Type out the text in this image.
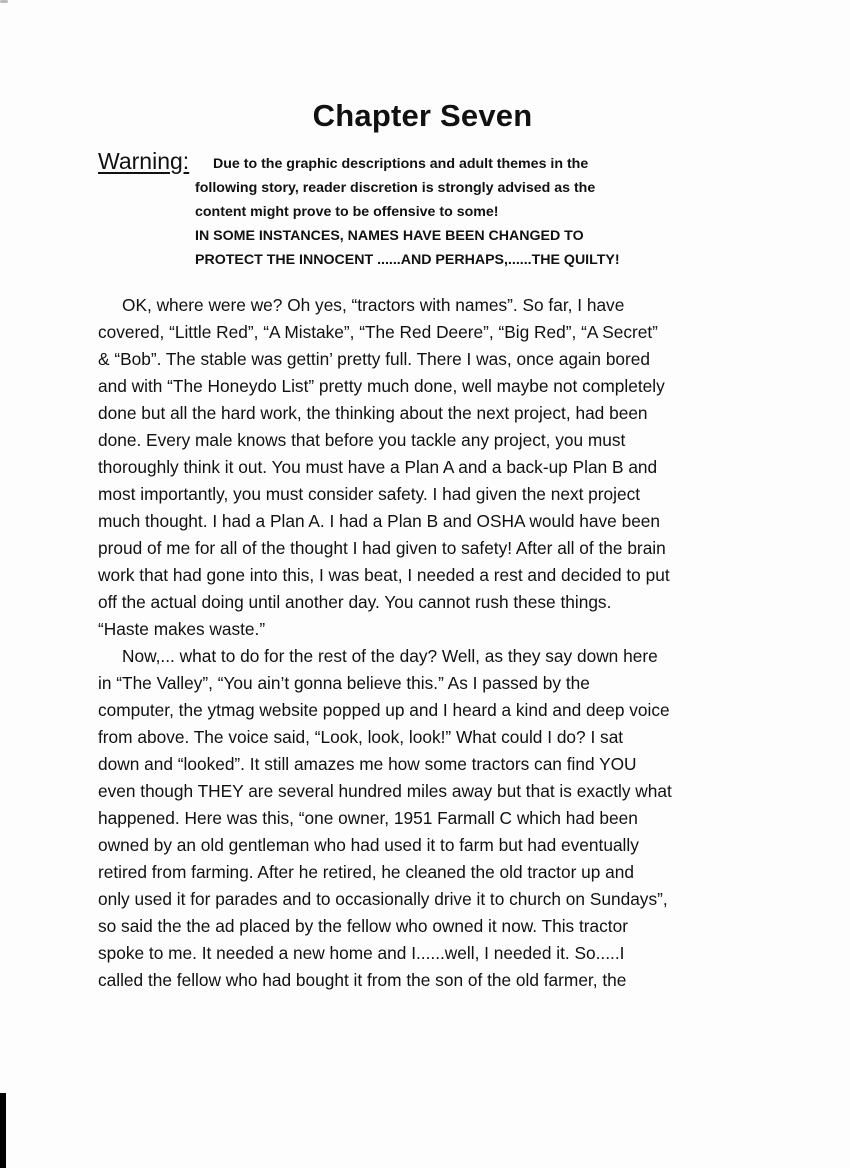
Chapter Seven
Warning: Due to the graphic descriptions and adult themes in the
following story, reader discretion is strongly advised as the
content might prove to be offensive to some!
IN SOME INSTANCES, NAMES HAVE BEEN CHANGED TO
PROTECT THE INNOCENT ......AND PERHAPS,......THE QUILTY!

OK, where were we? Oh yes, “tractors with names”. So far, I have
covered, “Little Red”, “A Mistake”, “The Red Deere”, “Big Red”, “A Secret”
& “Bob”. The stable was gettin’ pretty full. There I was, once again bored
and with “The Honeydo List” pretty much done, well maybe not completely
done but all the hard work, the thinking about the next project, had been
done. Every male knows that before you tackle any project, you must
thoroughly think it out. You must have a Plan A and a back-up Plan B and
most importantly, you must consider safety. I had given the next project
much thought. I had a Plan A. I had a Plan B and OSHA would have been
proud of me for all of the thought I had given to safety! After all of the brain
work that had gone into this, I was beat, I needed a rest and decided to put
off the actual doing until another day. You cannot rush these things.
“Haste makes waste.”

Now,... what to do for the rest of the day? Well, as they say down here
in “The Valley”, “You ain’t gonna believe this.” As I passed by the
computer, the ytmag website popped up and I heard a kind and deep voice
from above. The voice said, “Look, look, look!” What could I do? I sat
down and “looked”. It still amazes me how some tractors can find YOU
even though THEY are several hundred miles away but that is exactly what
happened. Here was this, “one owner, 1951 Farmall C which had been
owned by an old gentleman who had used it to farm but had eventually
retired from farming. After he retired, he cleaned the old tractor up and
only used it for parades and to occasionally drive it to church on Sundays”,
so said the the ad placed by the fellow who owned it now. This tractor
spoke to me. It needed a new home and I......well, I needed it. So.....I
called the fellow who had bought it from the son of the old farmer, the
